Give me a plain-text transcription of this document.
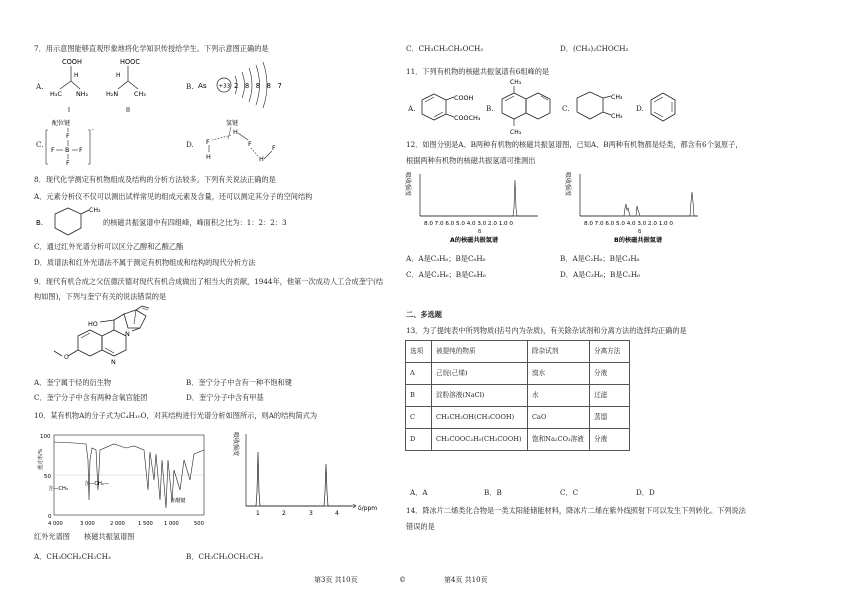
7．用示意图能够直观形象地将化学知识传授给学生。下列示意图正确的是
A.
COOH
H
H₃C NH₂
I
HOOC
H
H₂N CH₃
II
B. As +33 2 8 8 8 7
C.
配位键
F
F B F
F
⁻
D.
氢键
F
H
H
F
H
F
8．现代化学测定有机物组成及结构的分析方法较多。下列有关说法正确的是
A．元素分析仪不仅可以测出试样常见的组成元素及含量，还可以测定其分子的空间结构
B.
CH₃
的核磁共振氢谱中有四组峰，峰面积之比为：1：2：2：3
C．通过红外光谱分析可以区分乙醇和乙酸乙酯
D．质谱法和红外光谱法不属于测定有机物组成和结构的现代分析方法
9．现代有机合成之父伍德沃德对现代有机合成做出了相当大的贡献，1944年，他第一次成功人工合成奎宁(结
构如图)，下列与奎宁有关的说法错误的是
N
O
HO
N
A．奎宁属于烃的衍生物	B．奎宁分子中含有一种不饱和键
C．奎宁分子中含有两种含氧官能团	D．奎宁分子中含有甲基
10．某有机物A的分子式为C₄H₁₀O，对其结构进行光谱分析如图所示，则A的结构简式为
透过率/%
100
50
0
含—CH₃
含—CH₂—
含醚键
4 000	3 000	2 000	1 500 1 000	500
吸收强度
δ/ppm
1	2	3	4
红外光谱图 核磁共振氢谱图
A．CH₃OCH₂CH₂CH₃	B．CH₃CH₂OCH₂CH₃
第3页 共10页	©
C．CH₃CH₂CH₂OCH₃	D．(CH₃)₂CHOCH₃
11．下列有机物的核磁共振氢谱有6组峰的是
A.
COOH
COOCH₃
B.
CH₃
CH₃
C.
CH₃
CH₃
D.
12．如图分别是A、B两种有机物的核磁共振氢谱图，已知A、B两种有机物都是烃类，都含有6个氢原子，
根据两种有机物的核磁共振氢谱可推测出
吸收强度
8.0 7.0 6.0 5.0 4.0 3.0 2.0 1.0 0
δ
A的核磁共振氢谱
吸收强度
8.0 7.0 6.0 5.0 4.0 3.0 2.0 1.0 0
δ
B的核磁共振氢谱
A．A是C₃H₆；B是C₆H₆	B．A是C₂H₆；B是C₃H₆
C．A是C₂H₆；B是C₆H₆	D．A是C₃H₆；B是C₂H₆
二、多选题
13．为了提纯表中所列物质(括号内为杂质)，有关除杂试剂和分离方法的选择均正确的是
选项	被提纯的物质	除杂试剂	分离方法
A	己烷(己烯)	溴水	分液
B	淀粉溶液(NaCl)	水	过滤
C	CH₃CH₂OH(CH₃COOH)	CaO	蒸馏
D	CH₃COOC₂H₅(CH₃COOH)	饱和Na₂CO₃溶液	分液
A．A	B．B	C．C	D．D
14．降冰片二烯类化合物是一类太阳能储能材料，降冰片二烯在紫外线照射下可以发生下列转化。下列说法
错误的是
第4页 共10页
